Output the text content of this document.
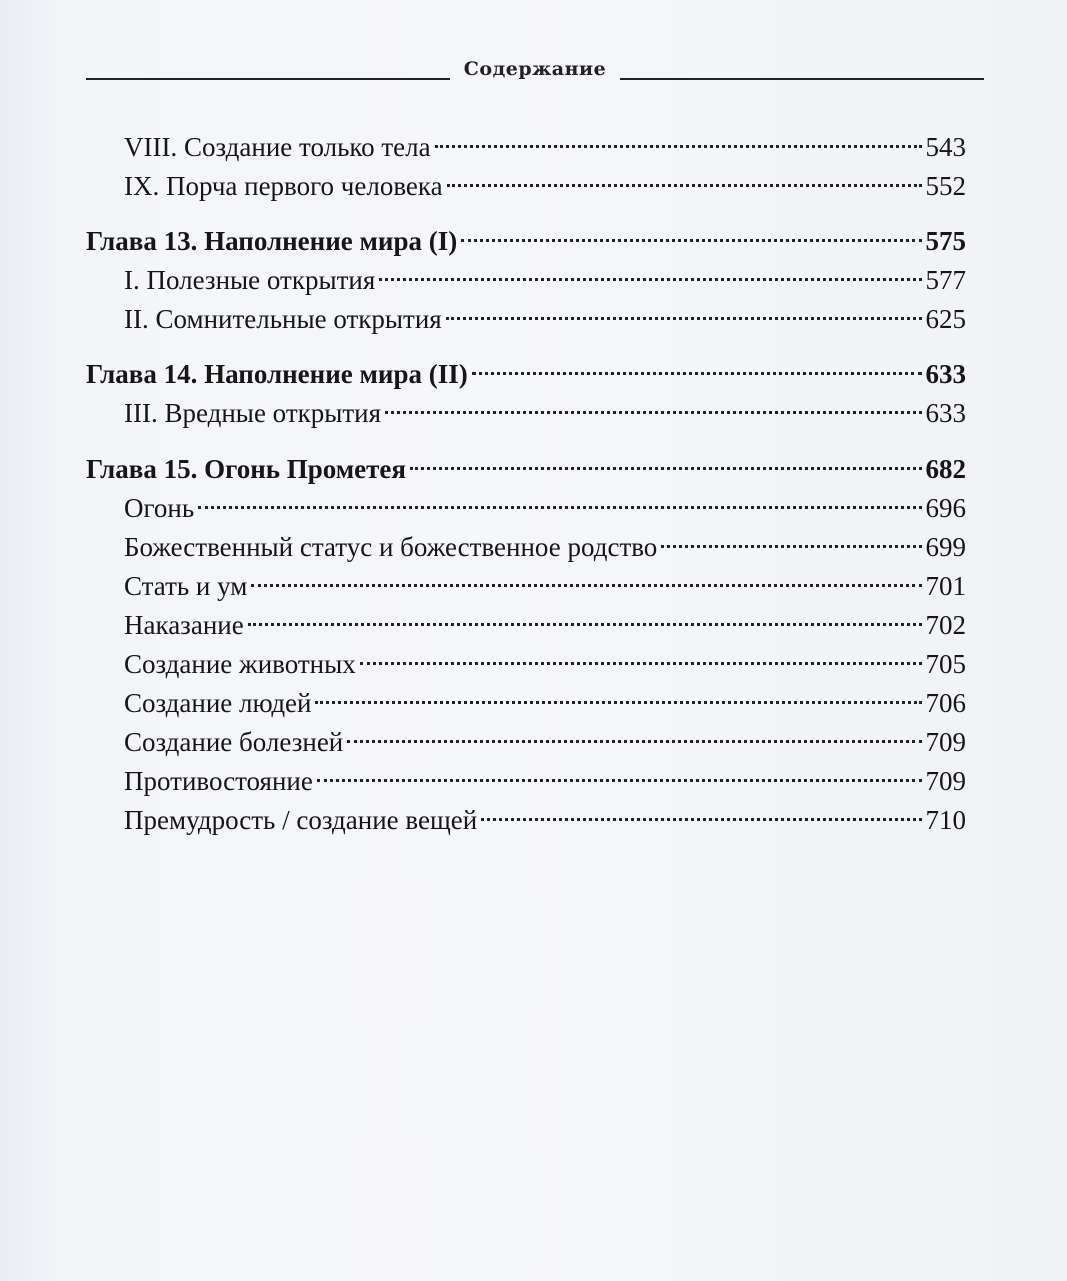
Содержание
VIII. Создание только тела	543
IX. Порча первого человека	552
Глава 13. Наполнение мира (I)	575
I. Полезные открытия	577
II. Сомнительные открытия	625
Глава 14. Наполнение мира (II)	633
III. Вредные открытия	633
Глава 15. Огонь Прометея	682
Огонь	696
Божественный статус и божественное родство	699
Стать и ум	701
Наказание	702
Создание животных	705
Создание людей	706
Создание болезней	709
Противостояние	709
Премудрость / создание вещей	710
